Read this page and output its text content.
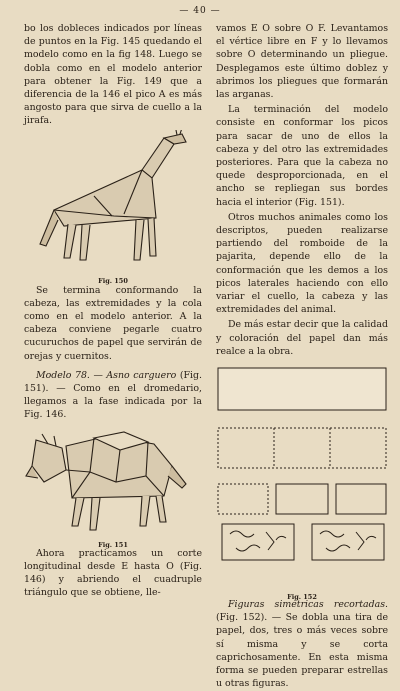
— 40 —

bo los dobleces indicados por líneas de puntos en la Fig. 145 quedando el modelo como en la fig 148. Luego se dobla como en el modelo anterior para obtener la Fig. 149 que a diferencia de la 146 el pico A es más angosto para que sirva de cuello a la jirafa.

Fig. 150

Se termina conformando la cabeza, las extremidades y la cola como en el modelo anterior. A la cabeza conviene pegarle cuatro cucuruchos de papel que servirán de orejas y cuernitos.

Modelo 78. — Asno carguero (Fig. 151). — Como en el dromedario, llegamos a la fase indicada por la Fig. 146.

Fig. 151

Ahora practicamos un corte longitudinal desde E hasta O (Fig. 146) y abriendo el cuadruple triángulo que se obtiene, lle-

vamos E O sobre O F. Levantamos el vértice libre en F y lo llevamos sobre O determinando un pliegue. Desplegamos este último doblez y abrimos los pliegues que formarán las arganas.

La terminación del modelo consiste en conformar los picos para sacar de uno de ellos la cabeza y del otro las extremidades posteriores. Para que la cabeza no quede desproporcionada, en el ancho se repliegan sus bordes hacia el interior (Fig. 151).

Otros muchos animales como los descriptos, pueden realizarse partiendo del romboide de la pajarita, depende ello de la conformación que les demos a los picos laterales haciendo con ello variar el cuello, la cabeza y las extremidades del animal.

De más estar decir que la calidad y coloración del papel dan más realce a la obra.

Fig. 152

Figuras simétricas recortadas. (Fig. 152). — Se dobla una tira de papel, dos, tres o más veces sobre sí misma y se corta caprichosamente. En esta misma forma se pueden preparar estrellas u otras figuras.
